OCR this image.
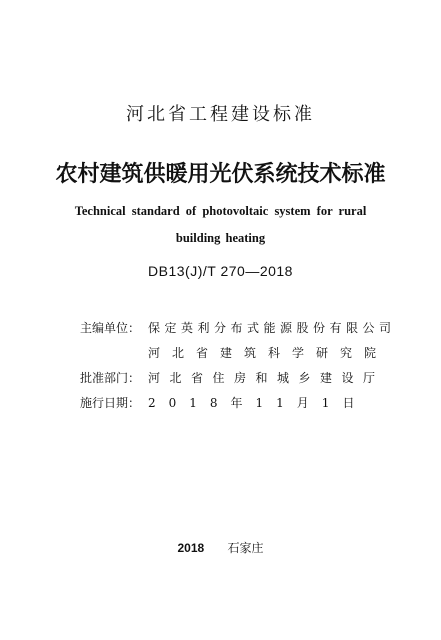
河北省工程建设标准
农村建筑供暖用光伏系统技术标准
Technical standard of photovoltaic system for rural
building heating
DB13(J)/T 270—2018
主编单位： 保定英利分布式能源股份有限公司
河北省建筑科学研究院
批准部门： 河北省住房和城乡建设厅
施行日期： 2018年11月1日
2018 石家庄
